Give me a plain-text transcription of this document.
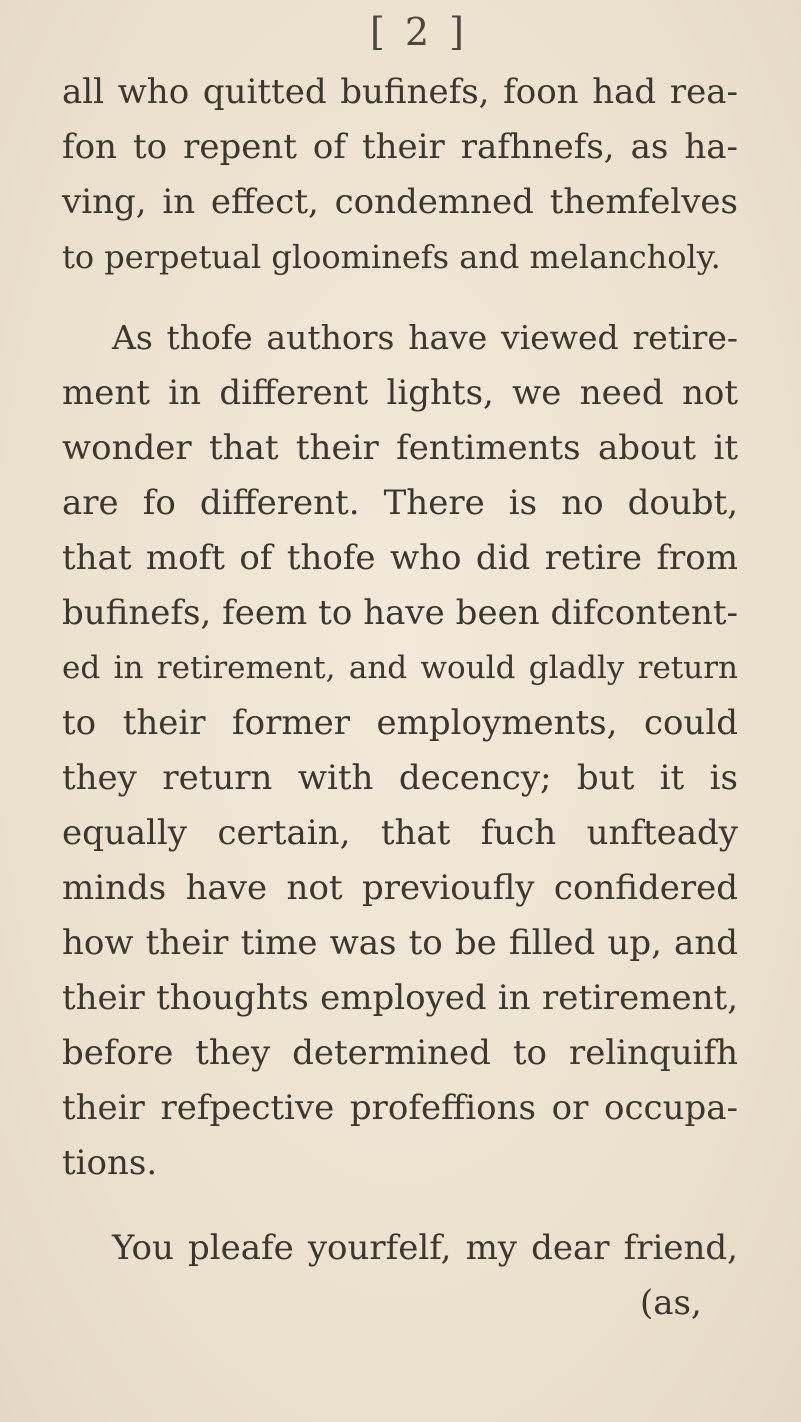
[ 2 ]
all who quitted bufinefs, foon had rea-
fon to repent of their rafhnefs, as ha-
ving, in effect, condemned themfelves
to perpetual gloominefs and melancholy.
As thofe authors have viewed retire-
ment in different lights, we need not
wonder that their fentiments about it
are fo different. There is no doubt,
that moft of thofe who did retire from
bufinefs, feem to have been difcontent-
ed in retirement, and would gladly return
to their former employments, could
they return with decency; but it is
equally certain, that fuch unfteady
minds have not previoufly confidered
how their time was to be filled up, and
their thoughts employed in retirement,
before they determined to relinquifh
their refpective profeffions or occupa-
tions.
You pleafe yourfelf, my dear friend,
(as,
